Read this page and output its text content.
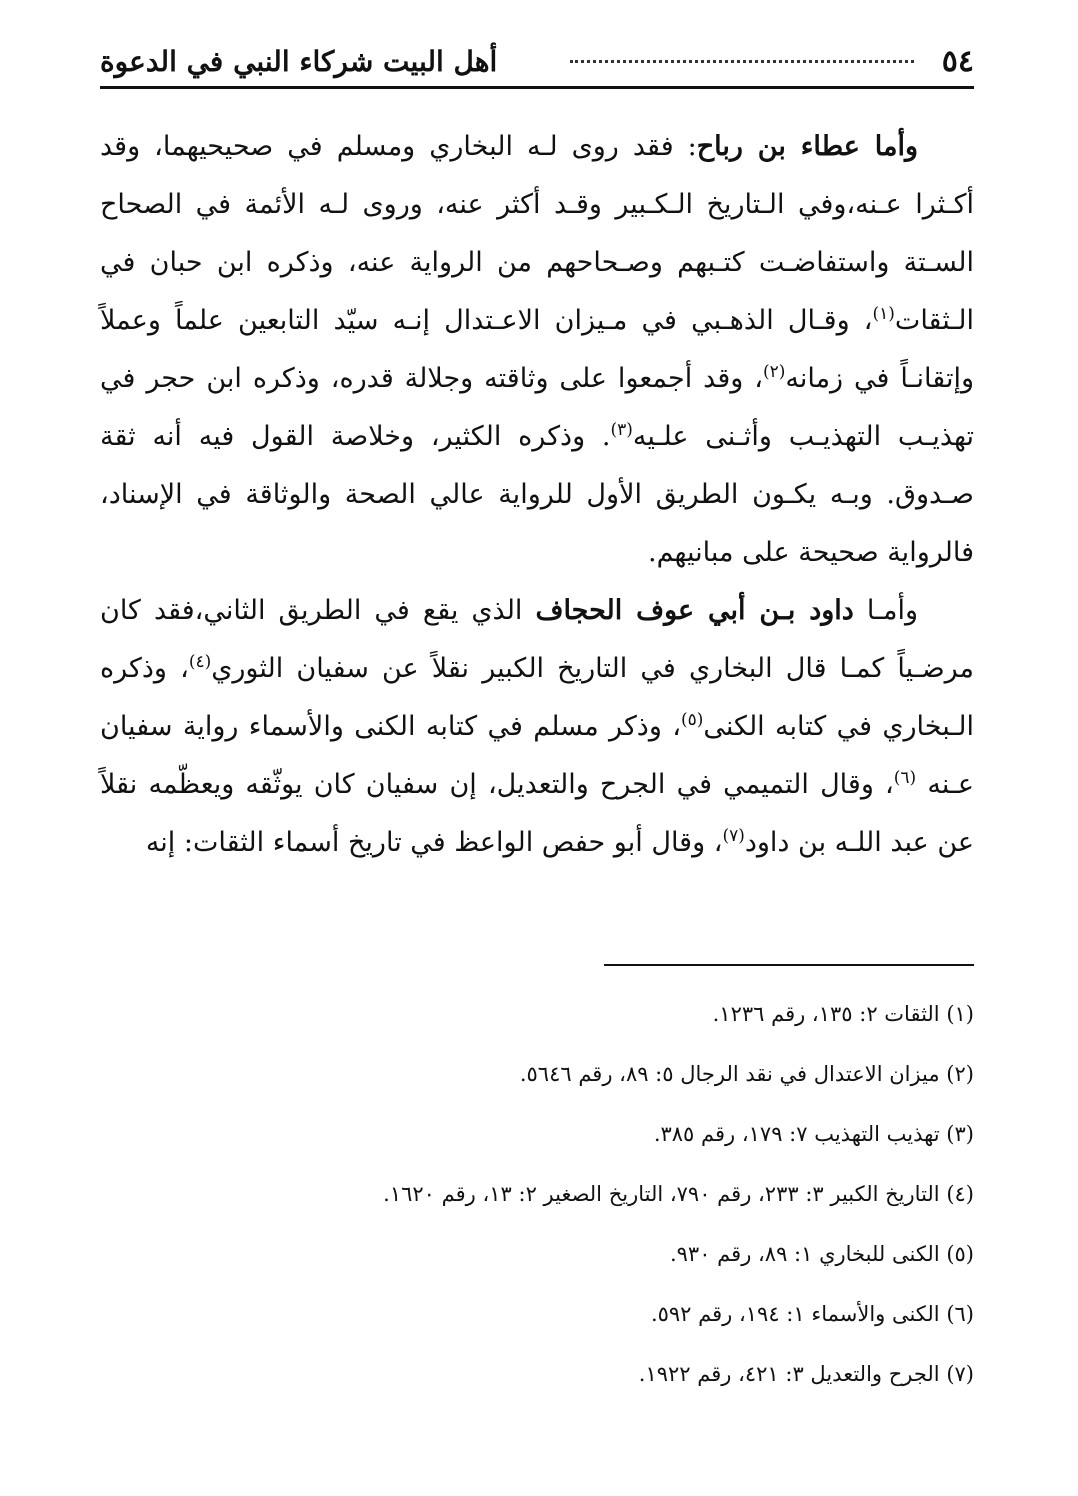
٥٤
أهل البيت شركاء النبي في الدعوة

وأما عطاء بن رباح: فقد روى لـه البخاري ومسلم في صحيحيهما، وقد أكـثرا عـنه،وفي الـتاريخ الـكـبير وقـد أكثر عنه، وروى لـه الأئمة في الصحاح السـتة واستفاضـت كتـبهم وصـحاحهم من الرواية عنه، وذكره ابن حبان في الـثقات$^{(١)}$، وقـال الذهـبي في مـيزان الاعـتدال إنـه سيّد التابعين علماً وعملاً وإتقانـاً في زمانه$^{(٢)}$، وقد أجمعوا على وثاقته وجلالة قدره، وذكره ابن حجر في تهذيـب التهذيـب وأثـنى علـيه$^{(٣)}$. وذكره الكثير، وخلاصة القول فيه أنه ثقة صـدوق. وبـه يكـون الطريق الأول للرواية عالي الصحة والوثاقة في الإسناد، فالرواية صحيحة على مبانيهم.

وأمـا داود بـن أبي عوف الحجاف الذي يقع في الطريق الثاني،فقد كان مرضـياً كمـا قال البخاري في التاريخ الكبير نقلاً عن سفيان الثوري$^{(٤)}$، وذكره الـبخاري في كتابه الكنى$^{(٥)}$، وذكر مسلم في كتابه الكنى والأسماء رواية سفيان عـنه $^{(٦)}$، وقال التميمي في الجرح والتعديل، إن سفيان كان يوثّقه ويعظّمه نقلاً عن عبد اللـه بن داود$^{(٧)}$، وقال أبو حفص الواعظ في تاريخ أسماء الثقات: إنه

(١) الثقات ٢: ١٣٥، رقم ١٢٣٦.

(٢) ميزان الاعتدال في نقد الرجال ٥: ٨٩، رقم ٥٦٤٦.

(٣) تهذيب التهذيب ٧: ١٧٩، رقم ٣٨٥.

(٤) التاريخ الكبير ٣: ٢٣٣، رقم ٧٩٠، التاريخ الصغير ٢: ١٣، رقم ١٦٢٠.

(٥) الكنى للبخاري ١: ٨٩، رقم ٩٣٠.

(٦) الكنى والأسماء ١: ١٩٤، رقم ٥٩٢.

(٧) الجرح والتعديل ٣: ٤٢١، رقم ١٩٢٢.
